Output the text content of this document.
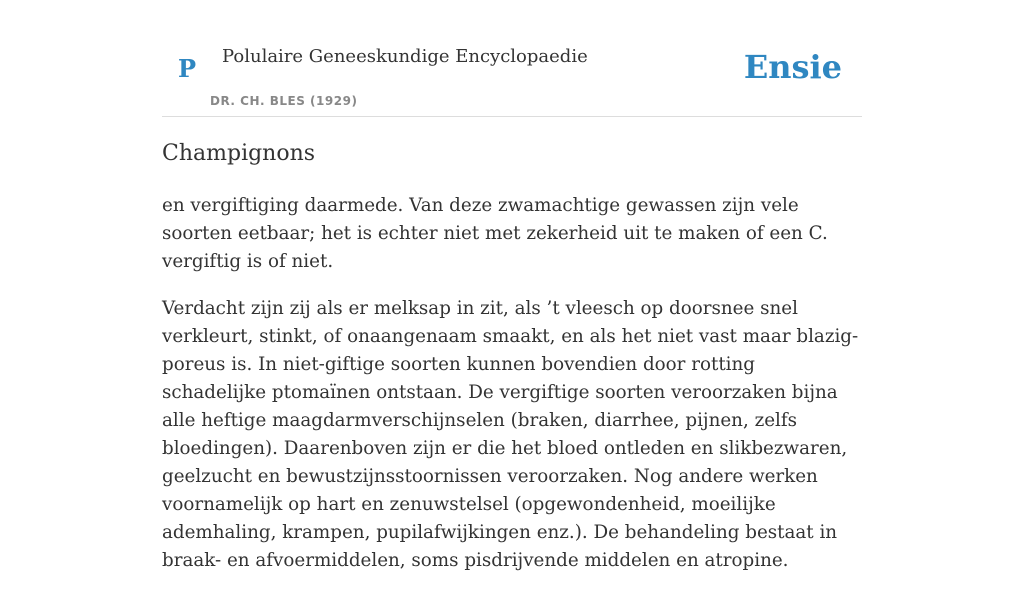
P Polulaire Geneeskundige Encyclopaedie
DR. CH. BLES (1929)
Ensie
Champignons

en vergiftiging daarmede. Van deze zwamachtige gewassen zijn vele soorten eetbaar; het is echter niet met zekerheid uit te maken of een C. vergiftig is of niet.

Verdacht zijn zij als er melksap in zit, als ’t vleesch op doorsnee snel verkleurt, stinkt, of onaangenaam smaakt, en als het niet vast maar blazig-poreus is. In niet-giftige soorten kunnen bovendien door rotting schadelijke ptomaïnen ontstaan. De vergiftige soorten veroorzaken bijna alle heftige maagdarmverschijnselen (braken, diarrhee, pijnen, zelfs bloedingen). Daarenboven zijn er die het bloed ontleden en slikbezwaren, geelzucht en bewustzijnsstoornissen veroorzaken. Nog andere werken voornamelijk op hart en zenuwstelsel (opgewondenheid, moeilijke ademhaling, krampen, pupilafwijkingen enz.). De behandeling bestaat in braak- en afvoermiddelen, soms pisdrijvende middelen en atropine.
